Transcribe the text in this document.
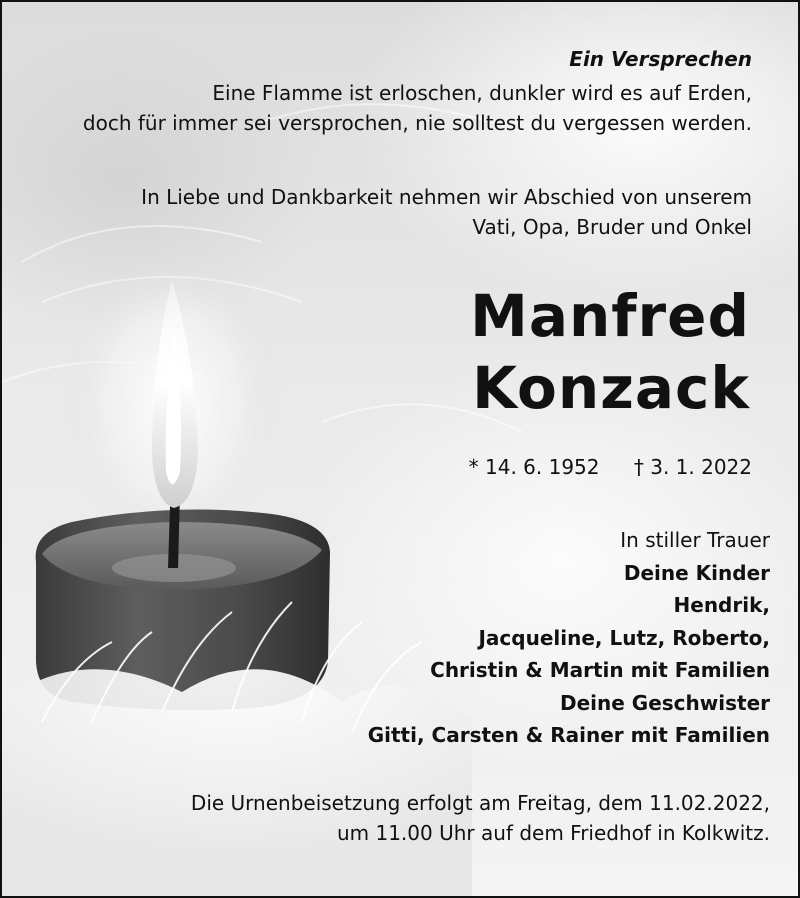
Ein Versprechen
Eine Flamme ist erloschen, dunkler wird es auf Erden,
doch für immer sei versprochen, nie solltest du vergessen werden.
In Liebe und Dankbarkeit nehmen wir Abschied von unserem
Vati, Opa, Bruder und Onkel
Manfred
Konzack
* 14. 6. 1952 † 3. 1. 2022
In stiller Trauer
Deine Kinder
Hendrik,
Jacqueline, Lutz, Roberto,
Christin & Martin mit Familien
Deine Geschwister
Gitti, Carsten & Rainer mit Familien
Die Urnenbeisetzung erfolgt am Freitag, dem 11.02.2022,
um 11.00 Uhr auf dem Friedhof in Kolkwitz.
